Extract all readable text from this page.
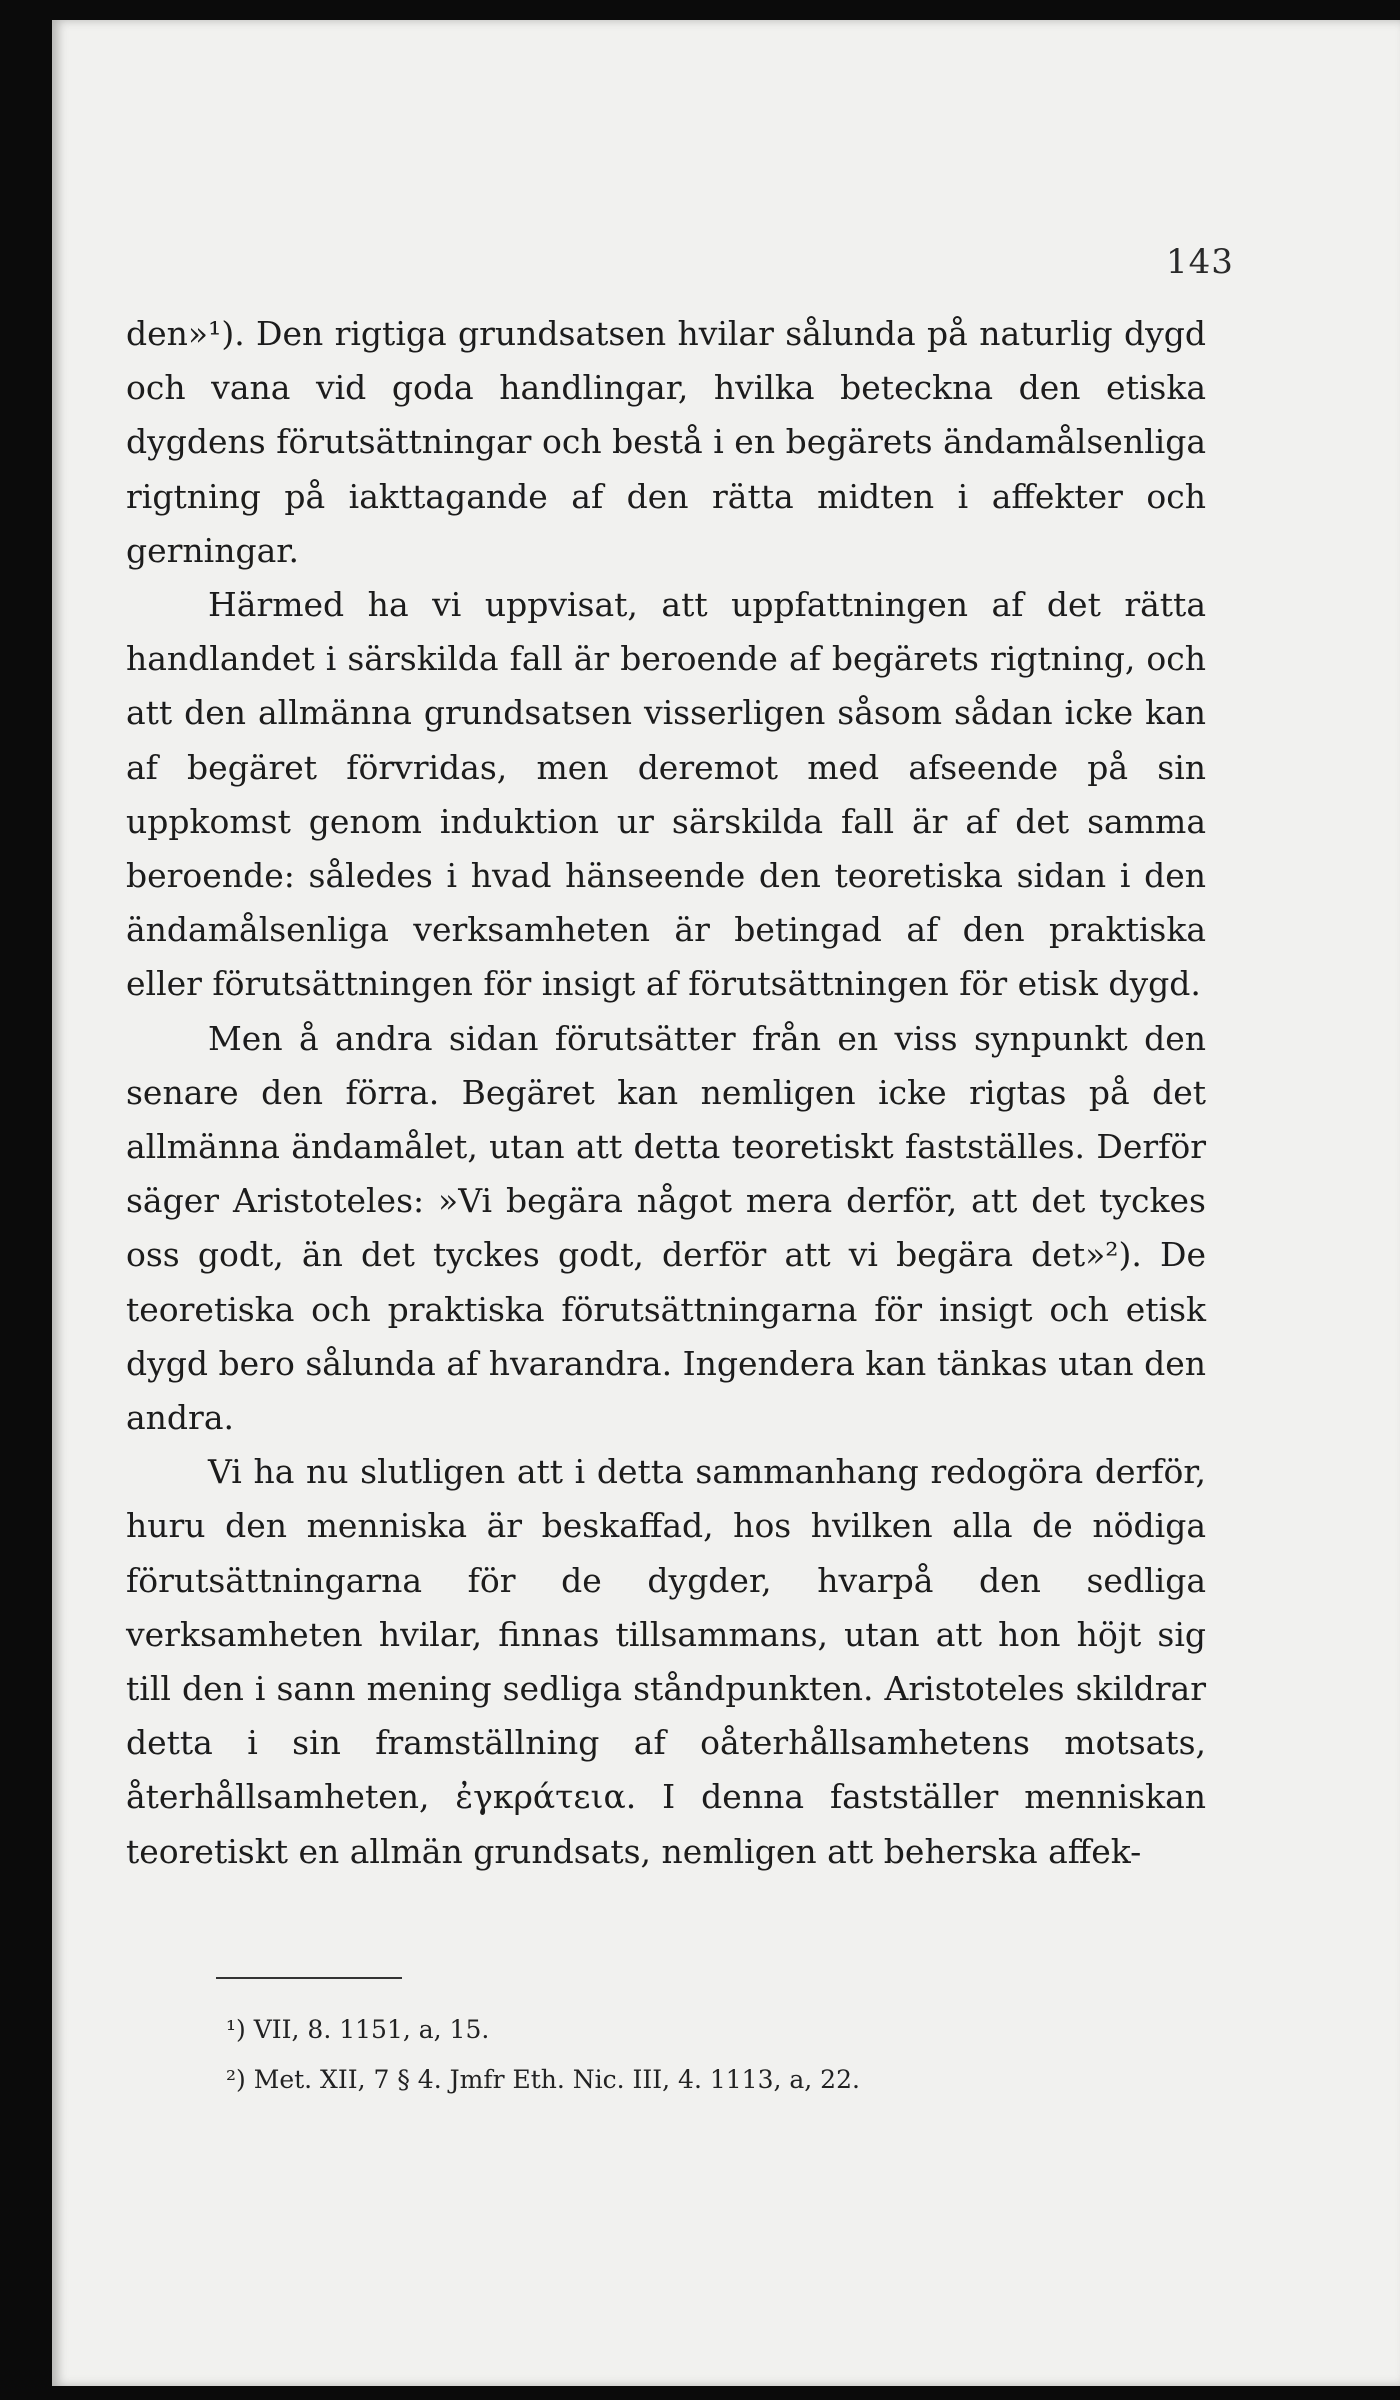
143

den»¹). Den rigtiga grundsatsen hvilar sålunda på naturlig dygd och vana vid goda handlingar, hvilka beteckna den etiska dygdens förutsättningar och bestå i en begärets ändamålsenliga rigtning på iakttagande af den rätta midten i affekter och gerningar.

Härmed ha vi uppvisat, att uppfattningen af det rätta handlandet i särskilda fall är beroende af begärets rigtning, och att den allmänna grundsatsen visserligen såsom sådan icke kan af begäret förvridas, men deremot med afseende på sin uppkomst genom induktion ur särskilda fall är af det samma beroende: således i hvad hänseende den teoretiska sidan i den ändamålsenliga verksamheten är betingad af den praktiska eller förutsättningen för insigt af förutsättningen för etisk dygd.

Men å andra sidan förutsätter från en viss synpunkt den senare den förra. Begäret kan nemligen icke rigtas på det allmänna ändamålet, utan att detta teoretiskt fastställes. Derför säger Aristoteles: »Vi begära något mera derför, att det tyckes oss godt, än det tyckes godt, derför att vi begära det»²). De teoretiska och praktiska förutsättningarna för insigt och etisk dygd bero sålunda af hvarandra. Ingendera kan tänkas utan den andra.

Vi ha nu slutligen att i detta sammanhang redogöra derför, huru den menniska är beskaffad, hos hvilken alla de nödiga förutsättningarna för de dygder, hvarpå den sedliga verksamheten hvilar, finnas tillsammans, utan att hon höjt sig till den i sann mening sedliga ståndpunkten. Aristoteles skildrar detta i sin framställning af oåterhållsamhetens motsats, återhållsamheten, ἐγκράτεια. I denna fastställer menniskan teoretiskt en allmän grundsats, nemligen att beherska affek-

¹) VII, 8. 1151, a, 15.
²) Met. XII, 7 § 4. Jmfr Eth. Nic. III, 4. 1113, a, 22.
